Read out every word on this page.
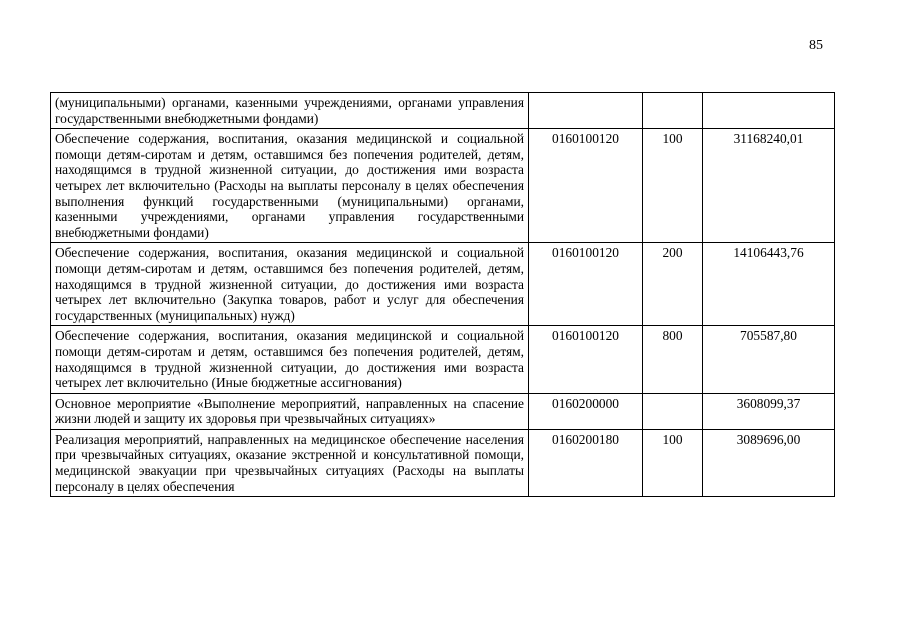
85
(муниципальными) органами, казенными учреждениями, органами управления государственными внебюджетными фондами)			
Обеспечение содержания, воспитания, оказания медицинской и социальной помощи детям-сиротам и детям, оставшимся без попечения родителей, детям, находящимся в трудной жизненной ситуации, до достижения ими возраста четырех лет включительно (Расходы на выплаты персоналу в целях обеспечения выполнения функций государственными (муниципальными) органами, казенными учреждениями, органами управления государственными внебюджетными фондами)	0160100120	100	31168240,01
Обеспечение содержания, воспитания, оказания медицинской и социальной помощи детям-сиротам и детям, оставшимся без попечения родителей, детям, находящимся в трудной жизненной ситуации, до достижения ими возраста четырех лет включительно (Закупка товаров, работ и услуг для обеспечения государственных (муниципальных) нужд)	0160100120	200	14106443,76
Обеспечение содержания, воспитания, оказания медицинской и социальной помощи детям-сиротам и детям, оставшимся без попечения родителей, детям, находящимся в трудной жизненной ситуации, до достижения ими возраста четырех лет включительно (Иные бюджетные ассигнования)	0160100120	800	705587,80
Основное мероприятие «Выполнение мероприятий, направленных на спасение жизни людей и защиту их здоровья при чрезвычайных ситуациях»	0160200000		3608099,37
Реализация мероприятий, направленных на медицинское обеспечение населения при чрезвычайных ситуациях, оказание экстренной и консультативной помощи, медицинской эвакуации при чрезвычайных ситуациях (Расходы на выплаты персоналу в целях обеспечения	0160200180	100	3089696,00
